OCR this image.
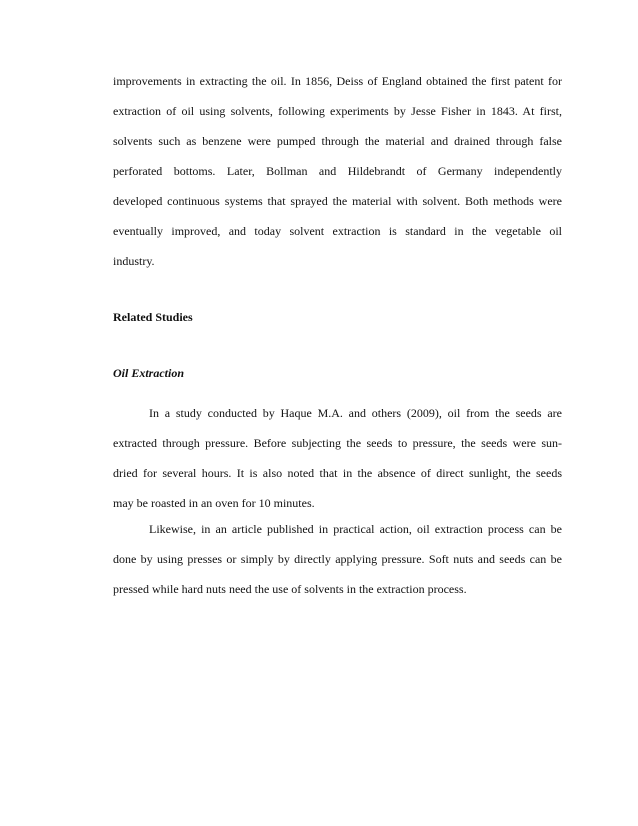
improvements in extracting the oil. In 1856, Deiss of England obtained the first patent for
extraction of oil using solvents, following experiments by Jesse Fisher in 1843. At first,
solvents such as benzene were pumped through the material and drained through false
perforated bottoms. Later, Bollman and Hildebrandt of Germany independently
developed continuous systems that sprayed the material with solvent. Both methods were
eventually improved, and today solvent extraction is standard in the vegetable oil
industry.
Related Studies
Oil Extraction
In a study conducted by Haque M.A. and others (2009), oil from the seeds are
extracted through pressure. Before subjecting the seeds to pressure, the seeds were sun-
dried for several hours. It is also noted that in the absence of direct sunlight, the seeds
may be roasted in an oven for 10 minutes.
Likewise, in an article published in practical action, oil extraction process can be
done by using presses or simply by directly applying pressure. Soft nuts and seeds can be
pressed while hard nuts need the use of solvents in the extraction process.
